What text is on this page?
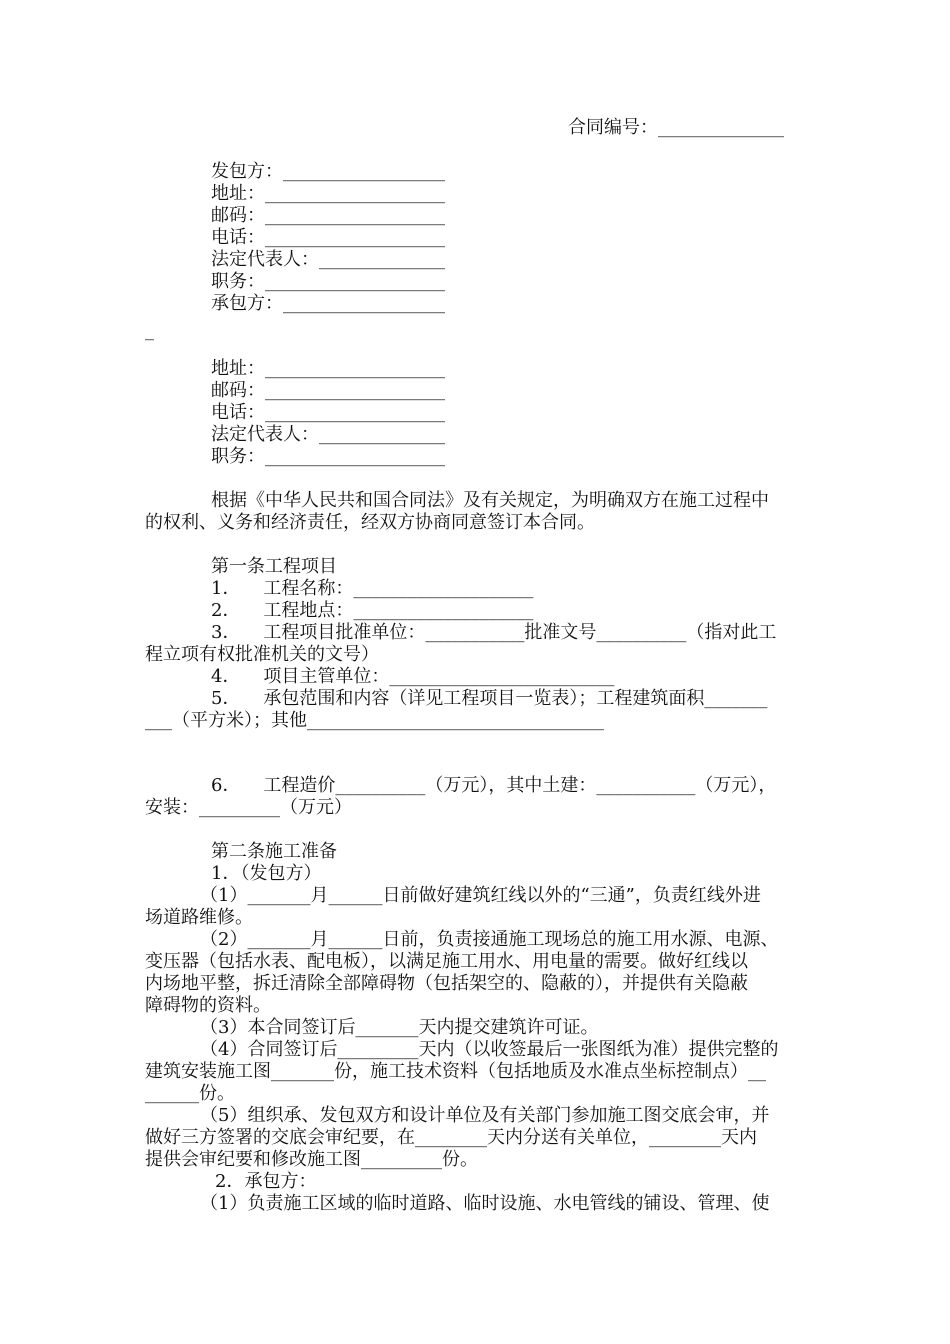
合同编号：______________
发包方：__________________
地址：____________________
邮码：____________________
电话：____________________
法定代表人：______________
职务：____________________
承包方：__________________
_
地址：____________________
邮码：____________________
电话：____________________
法定代表人：______________
职务：____________________
根据《中华人民共和国合同法》及有关规定，为明确双方在施工过程中
的权利、义务和经济责任，经双方协商同意签订本合同。
第一条工程项目
1．    工程名称：____________________
2．    工程地点：____________________
3．    工程项目批准单位：___________批准文号__________（指对此工
程立项有权批准机关的文号）
4．    项目主管单位：_________________________
5．    承包范围和内容（详见工程项目一览表）；工程建筑面积_______
___（平方米）；其他_________________________________
6．    工程造价__________（万元），其中土建：___________（万元），
安装：_________（万元）
第二条施工准备
1．（发包方）
（1）_______月______日前做好建筑红线以外的“三通”，负责红线外进
场道路维修。
（2）_______月______日前，负责接通施工现场总的施工用水源、电源、
变压器（包括水表、配电板），以满足施工用水、用电量的需要。做好红线以
内场地平整，拆迁清除全部障碍物（包括架空的、隐蔽的），并提供有关隐蔽
障碍物的资料。
（3）本合同签订后_______天内提交建筑许可证。
（4）合同签订后_________天内（以收签最后一张图纸为准）提供完整的
建筑安装施工图_______份，施工技术资料（包括地质及水准点坐标控制点）__
______份。
（5）组织承、发包双方和设计单位及有关部门参加施工图交底会审，并
做好三方签署的交底会审纪要，在________天内分送有关单位，________天内
提供会审纪要和修改施工图_________份。
2．承包方：
（1）负责施工区域的临时道路、临时设施、水电管线的铺设、管理、使
